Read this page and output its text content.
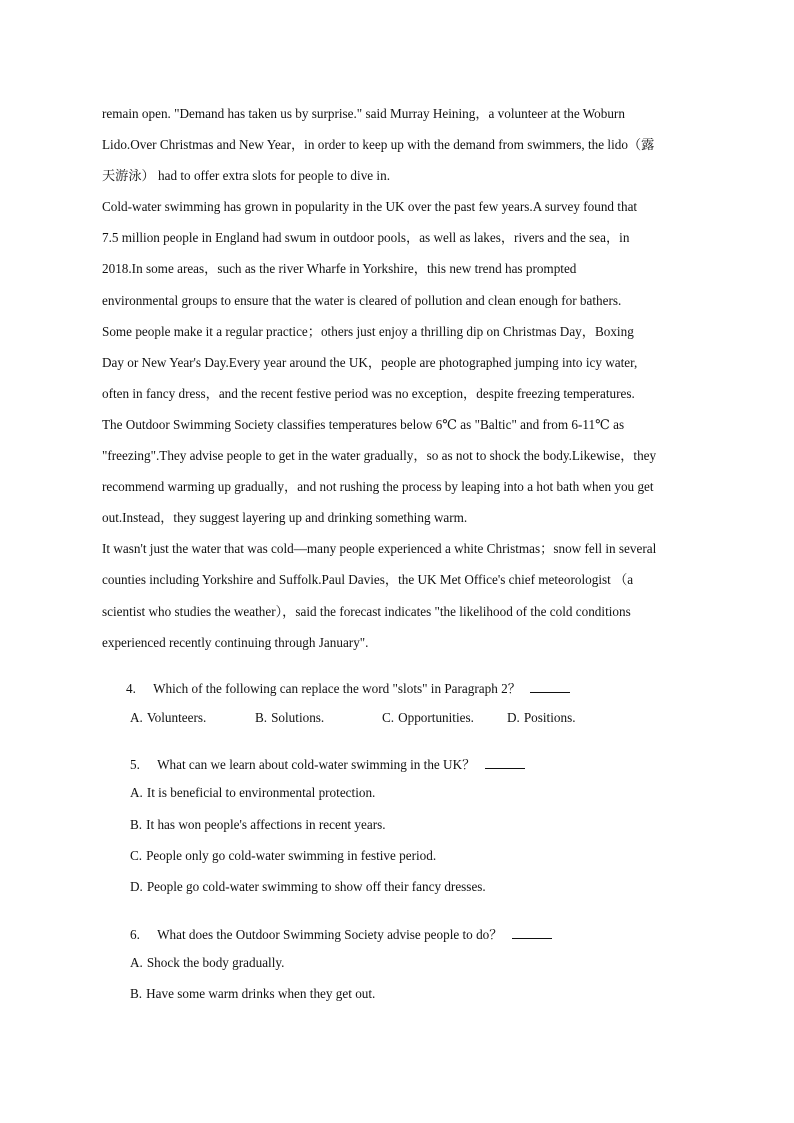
remain open. "Demand has taken us by surprise." said Murray Heining，a volunteer at the Woburn
Lido.Over Christmas and New Year，in order to keep up with the demand from swimmers, the lido（露
天游泳） had to offer extra slots for people to dive in.
Cold-water swimming has grown in popularity in the UK over the past few years.A survey found that
7.5 million people in England had swum in outdoor pools，as well as lakes，rivers and the sea，in
2018.In some areas，such as the river Wharfe in Yorkshire，this new trend has prompted
environmental groups to ensure that the water is cleared of pollution and clean enough for bathers.
Some people make it a regular practice；others just enjoy a thrilling dip on Christmas Day，Boxing
Day or New Year's Day.Every year around the UK，people are photographed jumping into icy water,
often in fancy dress，and the recent festive period was no exception，despite freezing temperatures.
The Outdoor Swimming Society classifies temperatures below 6℃ as "Baltic" and from 6-11℃ as
"freezing".They advise people to get in the water gradually，so as not to shock the body.Likewise，they
recommend warming up gradually，and not rushing the process by leaping into a hot bath when you get
out.Instead，they suggest layering up and drinking something warm.
It wasn't just the water that was cold—many people experienced a white Christmas；snow fell in several
counties including Yorkshire and Suffolk.Paul Davies，the UK Met Office's chief meteorologist （a
scientist who studies the weather），said the forecast indicates "the likelihood of the cold conditions
experienced recently continuing through January".
4. Which of the following can replace the word "slots" in Paragraph 2？
A. Volunteers.	B. Solutions.	C. Opportunities.	D. Positions.
5. What can we learn about cold-water swimming in the UK？
A. It is beneficial to environmental protection.
B. It has won people's affections in recent years.
C. People only go cold-water swimming in festive period.
D. People go cold-water swimming to show off their fancy dresses.
6. What does the Outdoor Swimming Society advise people to do？
A. Shock the body gradually.
B. Have some warm drinks when they get out.
